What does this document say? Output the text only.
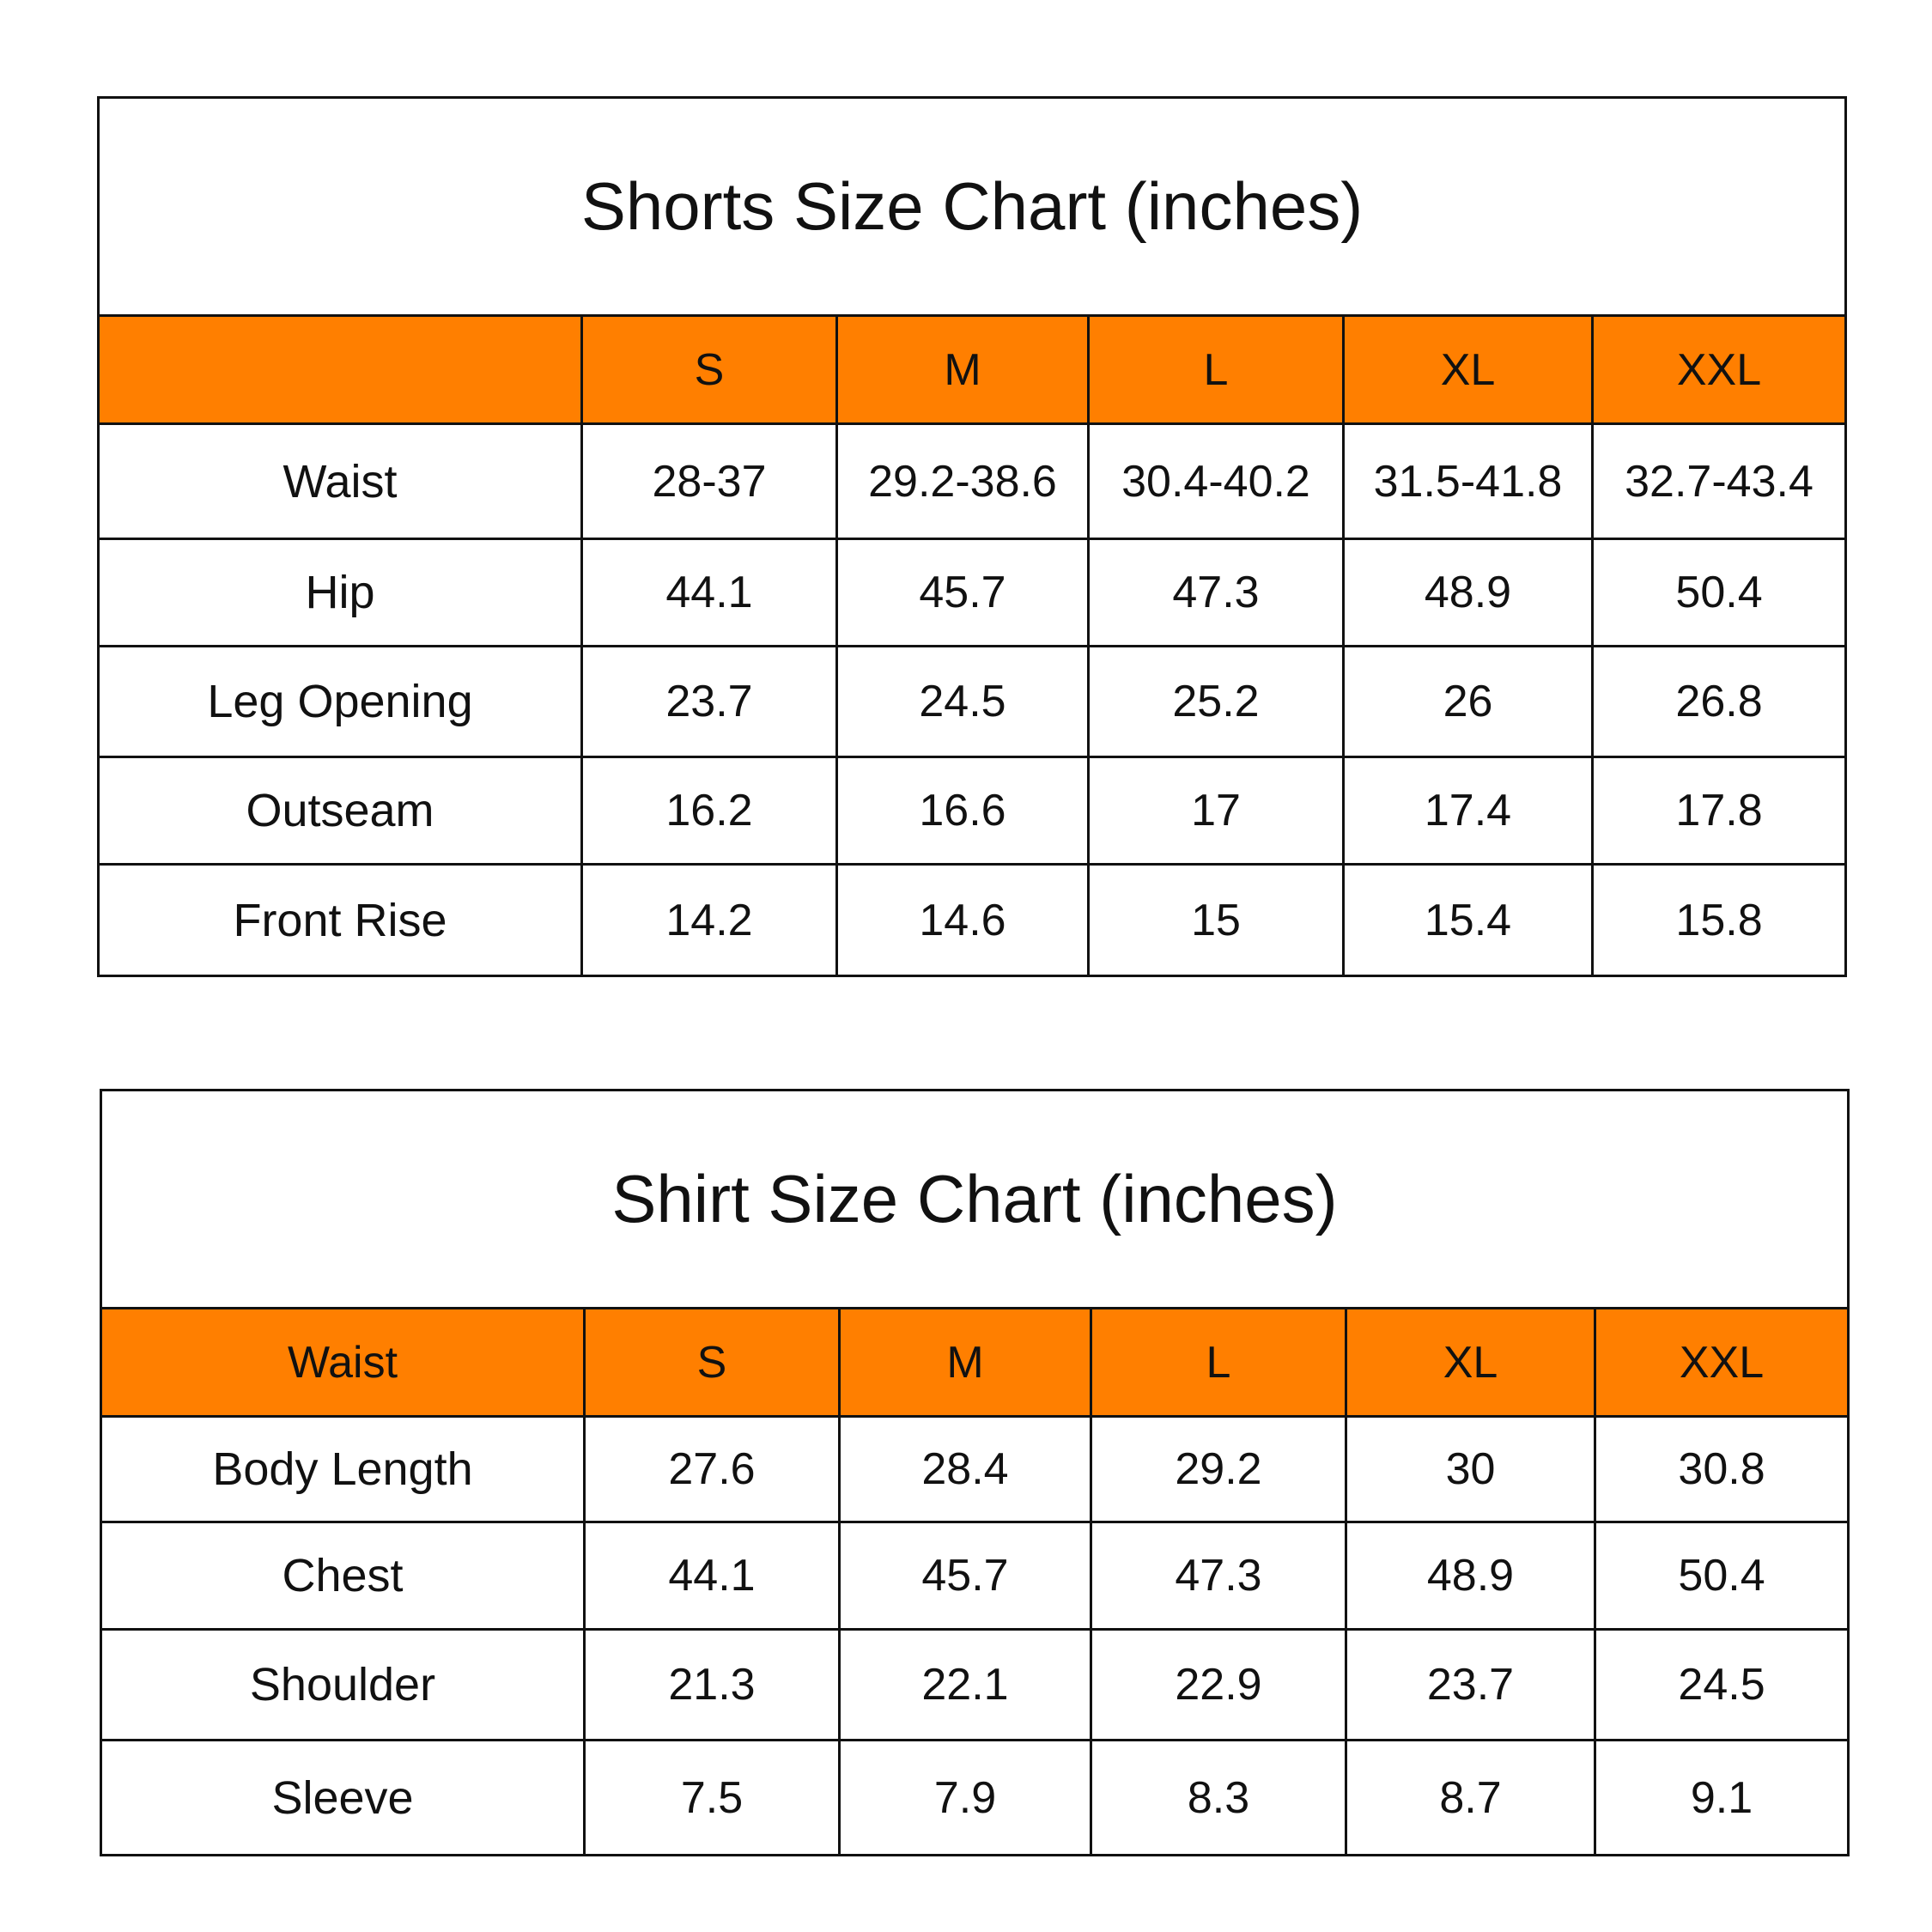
Shorts Size Chart (inches)					
	S	M	L	XL	XXL
Waist	28-37	29.2-38.6	30.4-40.2	31.5-41.8	32.7-43.4
Hip	44.1	45.7	47.3	48.9	50.4
Leg Opening	23.7	24.5	25.2	26	26.8
Outseam	16.2	16.6	17	17.4	17.8
Front Rise	14.2	14.6	15	15.4	15.8
Shirt Size Chart (inches)					
Waist	S	M	L	XL	XXL
Body Length	27.6	28.4	29.2	30	30.8
Chest	44.1	45.7	47.3	48.9	50.4
Shoulder	21.3	22.1	22.9	23.7	24.5
Sleeve	7.5	7.9	8.3	8.7	9.1
